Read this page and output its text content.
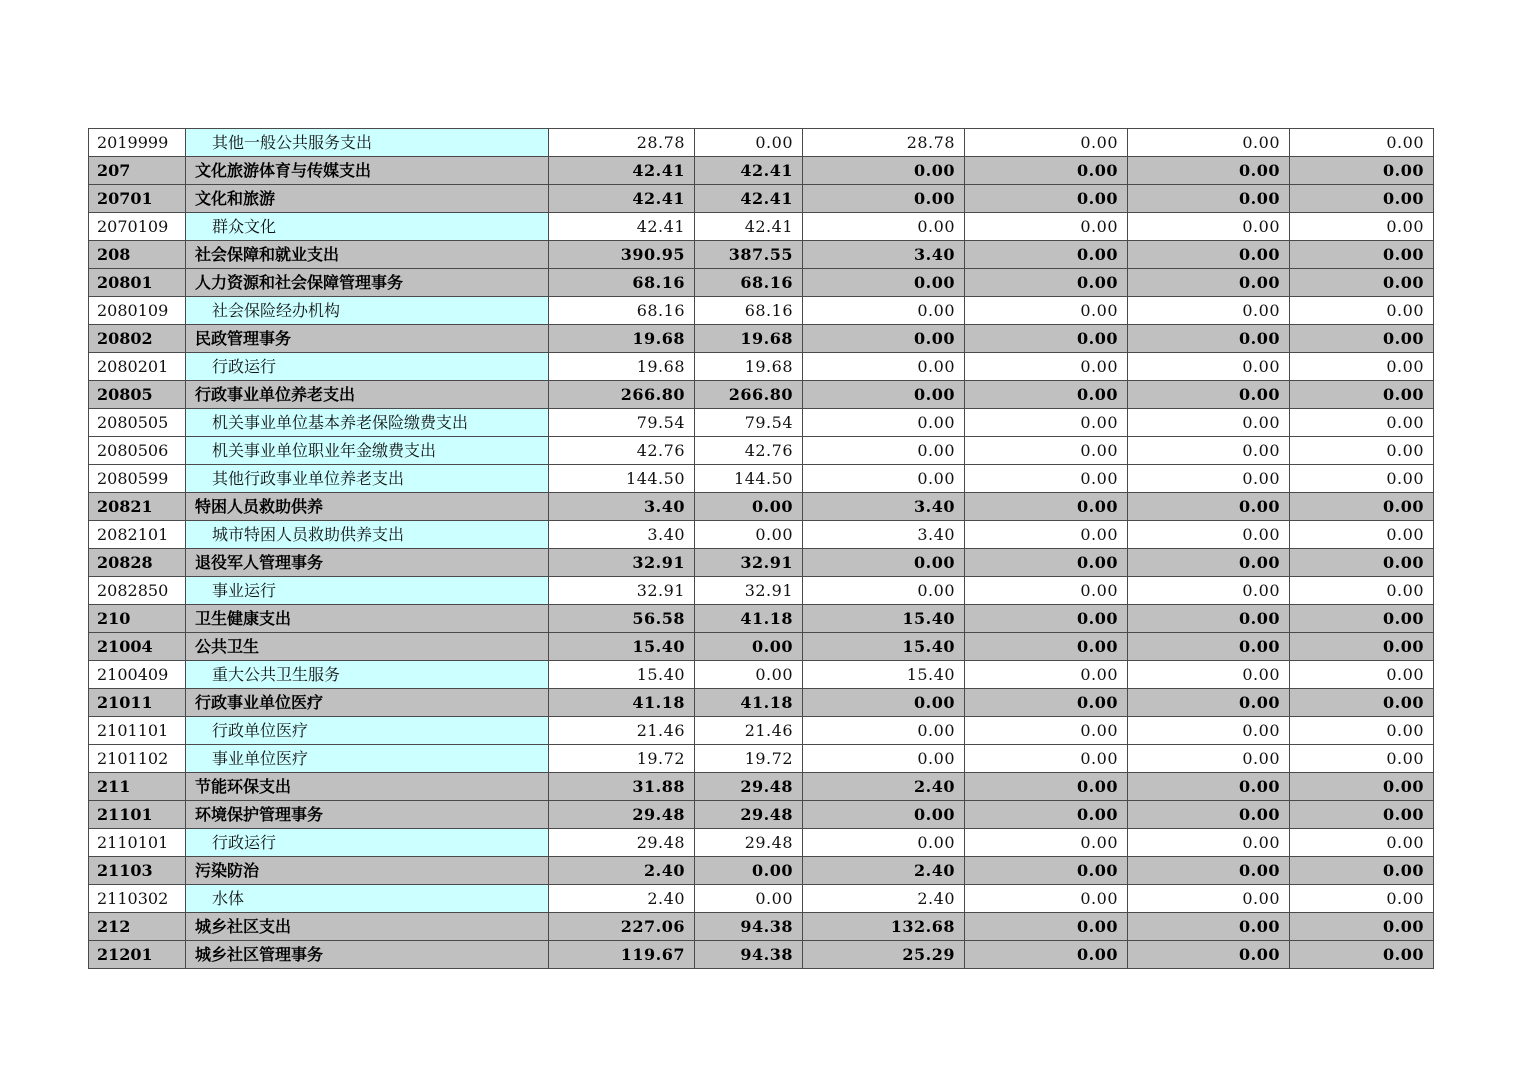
2019999	其他一般公共服务支出	28.78	0.00	28.78	0.00	0.00	0.00
207	文化旅游体育与传媒支出	42.41	42.41	0.00	0.00	0.00	0.00
20701	文化和旅游	42.41	42.41	0.00	0.00	0.00	0.00
2070109	群众文化	42.41	42.41	0.00	0.00	0.00	0.00
208	社会保障和就业支出	390.95	387.55	3.40	0.00	0.00	0.00
20801	人力资源和社会保障管理事务	68.16	68.16	0.00	0.00	0.00	0.00
2080109	社会保险经办机构	68.16	68.16	0.00	0.00	0.00	0.00
20802	民政管理事务	19.68	19.68	0.00	0.00	0.00	0.00
2080201	行政运行	19.68	19.68	0.00	0.00	0.00	0.00
20805	行政事业单位养老支出	266.80	266.80	0.00	0.00	0.00	0.00
2080505	机关事业单位基本养老保险缴费支出	79.54	79.54	0.00	0.00	0.00	0.00
2080506	机关事业单位职业年金缴费支出	42.76	42.76	0.00	0.00	0.00	0.00
2080599	其他行政事业单位养老支出	144.50	144.50	0.00	0.00	0.00	0.00
20821	特困人员救助供养	3.40	0.00	3.40	0.00	0.00	0.00
2082101	城市特困人员救助供养支出	3.40	0.00	3.40	0.00	0.00	0.00
20828	退役军人管理事务	32.91	32.91	0.00	0.00	0.00	0.00
2082850	事业运行	32.91	32.91	0.00	0.00	0.00	0.00
210	卫生健康支出	56.58	41.18	15.40	0.00	0.00	0.00
21004	公共卫生	15.40	0.00	15.40	0.00	0.00	0.00
2100409	重大公共卫生服务	15.40	0.00	15.40	0.00	0.00	0.00
21011	行政事业单位医疗	41.18	41.18	0.00	0.00	0.00	0.00
2101101	行政单位医疗	21.46	21.46	0.00	0.00	0.00	0.00
2101102	事业单位医疗	19.72	19.72	0.00	0.00	0.00	0.00
211	节能环保支出	31.88	29.48	2.40	0.00	0.00	0.00
21101	环境保护管理事务	29.48	29.48	0.00	0.00	0.00	0.00
2110101	行政运行	29.48	29.48	0.00	0.00	0.00	0.00
21103	污染防治	2.40	0.00	2.40	0.00	0.00	0.00
2110302	水体	2.40	0.00	2.40	0.00	0.00	0.00
212	城乡社区支出	227.06	94.38	132.68	0.00	0.00	0.00
21201	城乡社区管理事务	119.67	94.38	25.29	0.00	0.00	0.00
